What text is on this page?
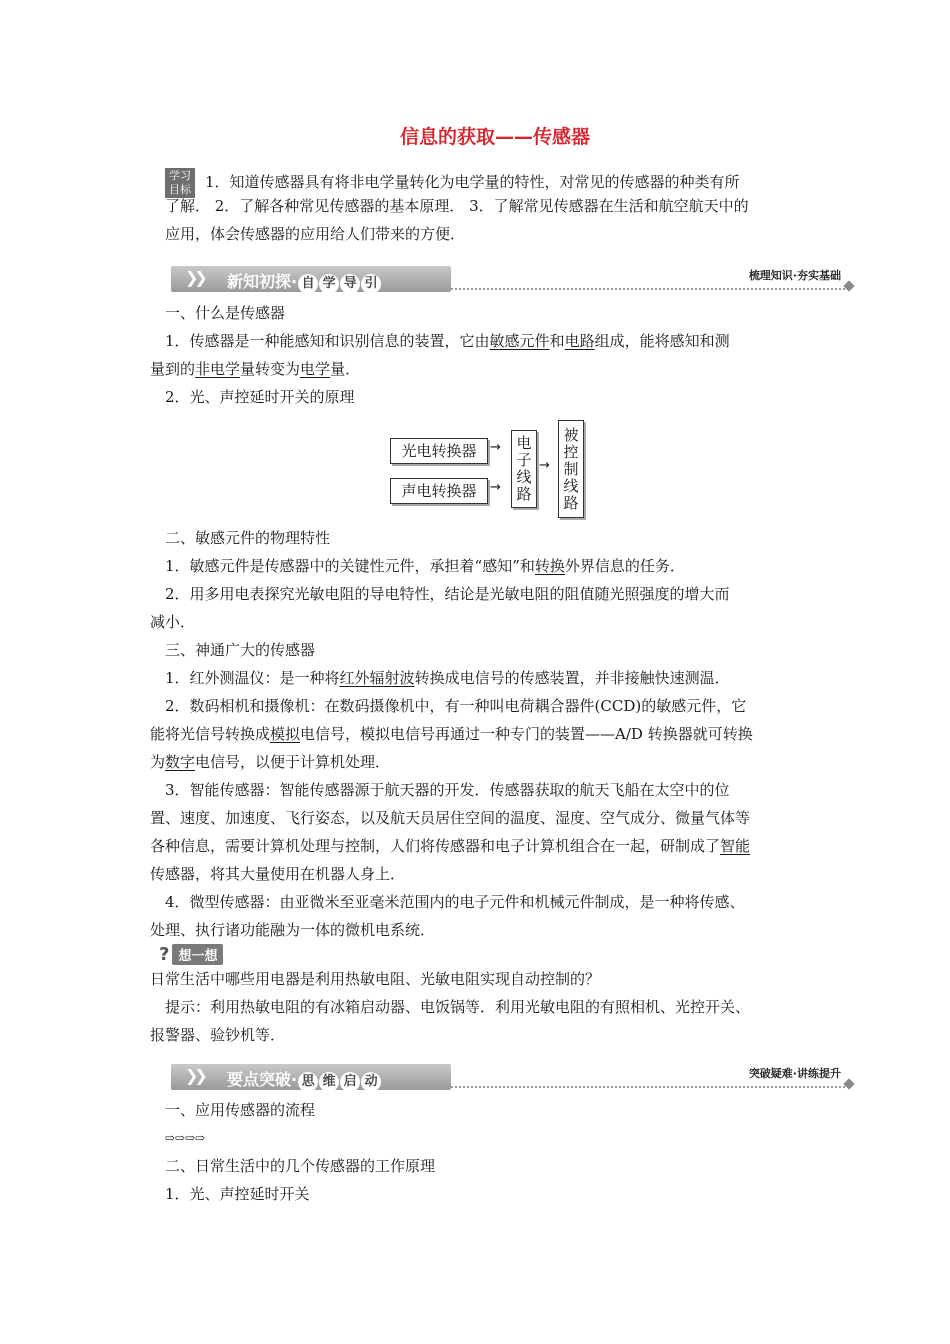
信息的获取——传感器

学习
目标 1．知道传感器具有将非电学量转化为电学量的特性，对常见的传感器的种类有所

了解． 2．了解各种常见传感器的基本原理． 3．了解常见传感器在生活和航空航天中的

应用，体会传感器的应用给人们带来的方便．

❯❯ 新知初探· 自 学 导 引
梳理知识·夯实基础

一、什么是传感器

1．传感器是一种能感知和识别信息的装置，它由敏感元件和电路组成，能将感知和测

量到的非电学量转变为电学量．

2．光、声控延时开关的原理

光电转换器
声电转换器
→
→ 电子线路 → 被控制线路

二、敏感元件的物理特性

1．敏感元件是传感器中的关键性元件，承担着“感知”和转换外界信息的任务．

2．用多用电表探究光敏电阻的导电特性，结论是光敏电阻的阻值随光照强度的增大而

减小．

三、神通广大的传感器

1．红外测温仪：是一种将红外辐射波转换成电信号的传感装置，并非接触快速测温．

2．数码相机和摄像机：在数码摄像机中，有一种叫电荷耦合器件(CCD)的敏感元件，它

能将光信号转换成模拟电信号，模拟电信号再通过一种专门的装置——A/D 转换器就可转换

为数字电信号，以便于计算机处理．

3．智能传感器：智能传感器源于航天器的开发．传感器获取的航天飞船在太空中的位

置、速度、加速度、飞行姿态，以及航天员居住空间的温度、湿度、空气成分、微量气体等

各种信息，需要计算机处理与控制，人们将传感器和电子计算机组合在一起，研制成了智能

传感器，将其大量使用在机器人身上．

4．微型传感器：由亚微米至亚毫米范围内的电子元件和机械元件制成，是一种将传感、

处理、执行诸功能融为一体的微机电系统．

? 想一想

日常生活中哪些用电器是利用热敏电阻、光敏电阻实现自动控制的？

提示：利用热敏电阻的有冰箱启动器、电饭锅等．利用光敏电阻的有照相机、光控开关、

报警器、验钞机等．

❯❯ 要点突破· 思 维 启 动
突破疑难·讲练提升

一、应用传感器的流程

⇨⇨⇨⇨

二、日常生活中的几个传感器的工作原理

1．光、声控延时开关
